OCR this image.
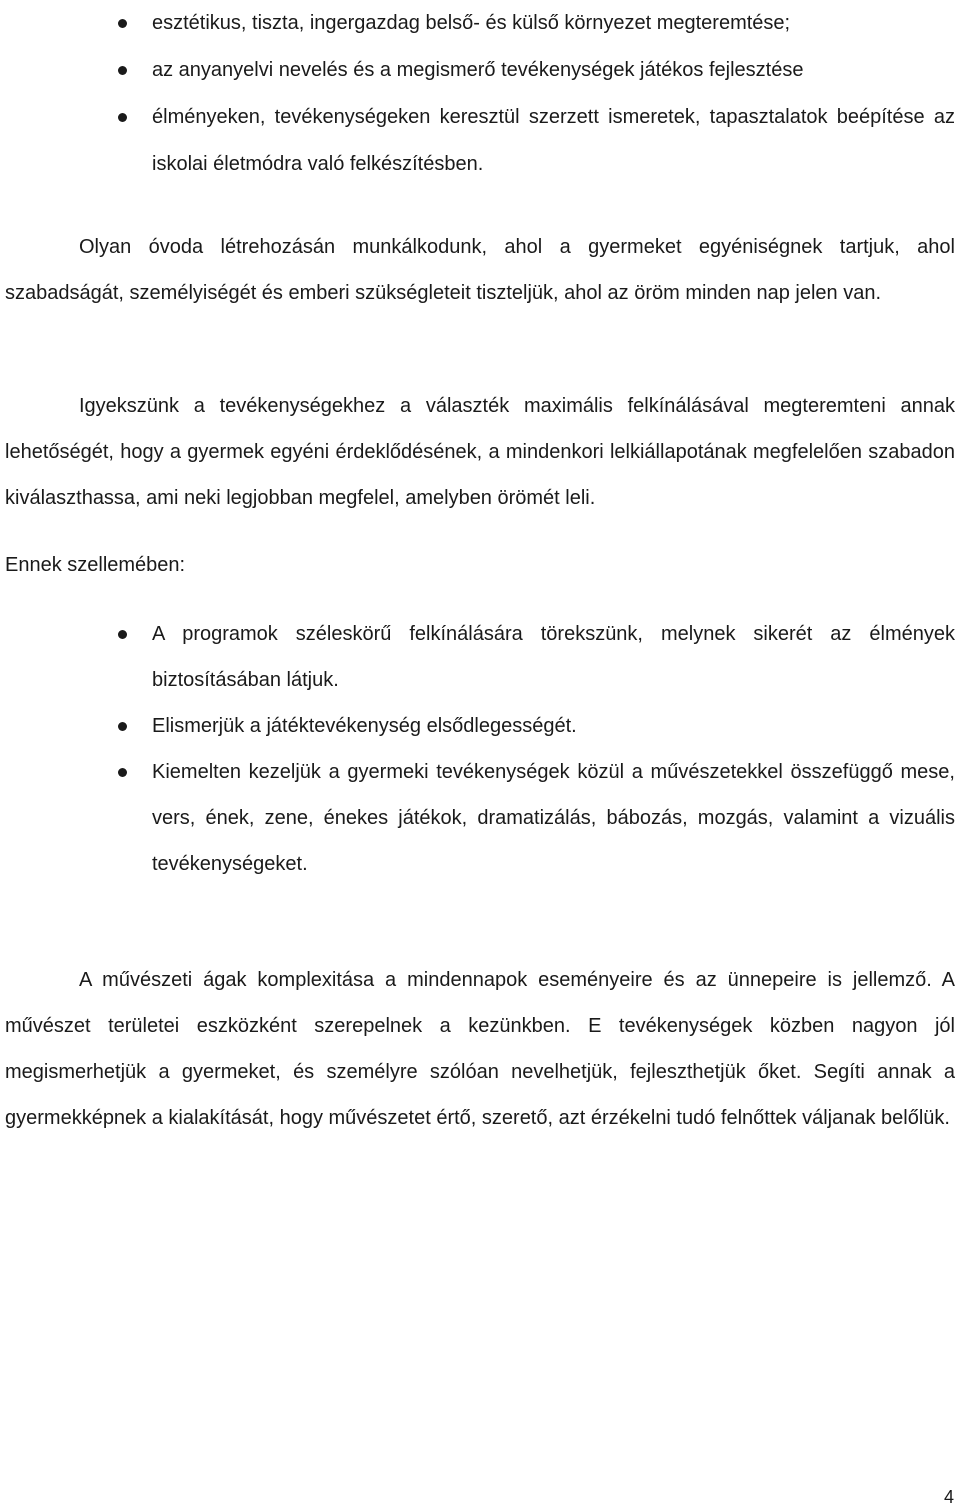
esztétikus, tiszta, ingergazdag belső- és külső környezet megteremtése;
az anyanyelvi nevelés és a megismerő tevékenységek játékos fejlesztése
élményeken, tevékenységeken keresztül szerzett ismeretek, tapasztalatok beépítése az iskolai életmódra való felkészítésben.

Olyan óvoda létrehozásán munkálkodunk, ahol a gyermeket egyéniségnek tartjuk, ahol szabadságát, személyiségét és emberi szükségleteit tiszteljük, ahol az öröm minden nap jelen van.

Igyekszünk a tevékenységekhez a választék maximális felkínálásával megteremteni annak lehetőségét, hogy a gyermek egyéni érdeklődésének, a mindenkori lelkiállapotának megfelelően szabadon kiválaszthassa, ami neki legjobban megfelel, amelyben örömét leli.

Ennek szellemében:

A programok széleskörű felkínálására törekszünk, melynek sikerét az élmények biztosításában látjuk.
Elismerjük a játéktevékenység elsődlegességét.
Kiemelten kezeljük a gyermeki tevékenységek közül a művészetekkel összefüggő mese, vers, ének, zene, énekes játékok, dramatizálás, bábozás, mozgás, valamint a vizuális tevékenységeket.

A művészeti ágak komplexitása a mindennapok eseményeire és az ünnepeire is jellemző. A művészet területei eszközként szerepelnek a kezünkben. E tevékenységek közben nagyon jól megismerhetjük a gyermeket, és személyre szólóan nevelhetjük, fejleszthetjük őket. Segíti annak a gyermekképnek a kialakítását, hogy művészetet értő, szerető, azt érzékelni tudó felnőttek váljanak belőlük.

4
